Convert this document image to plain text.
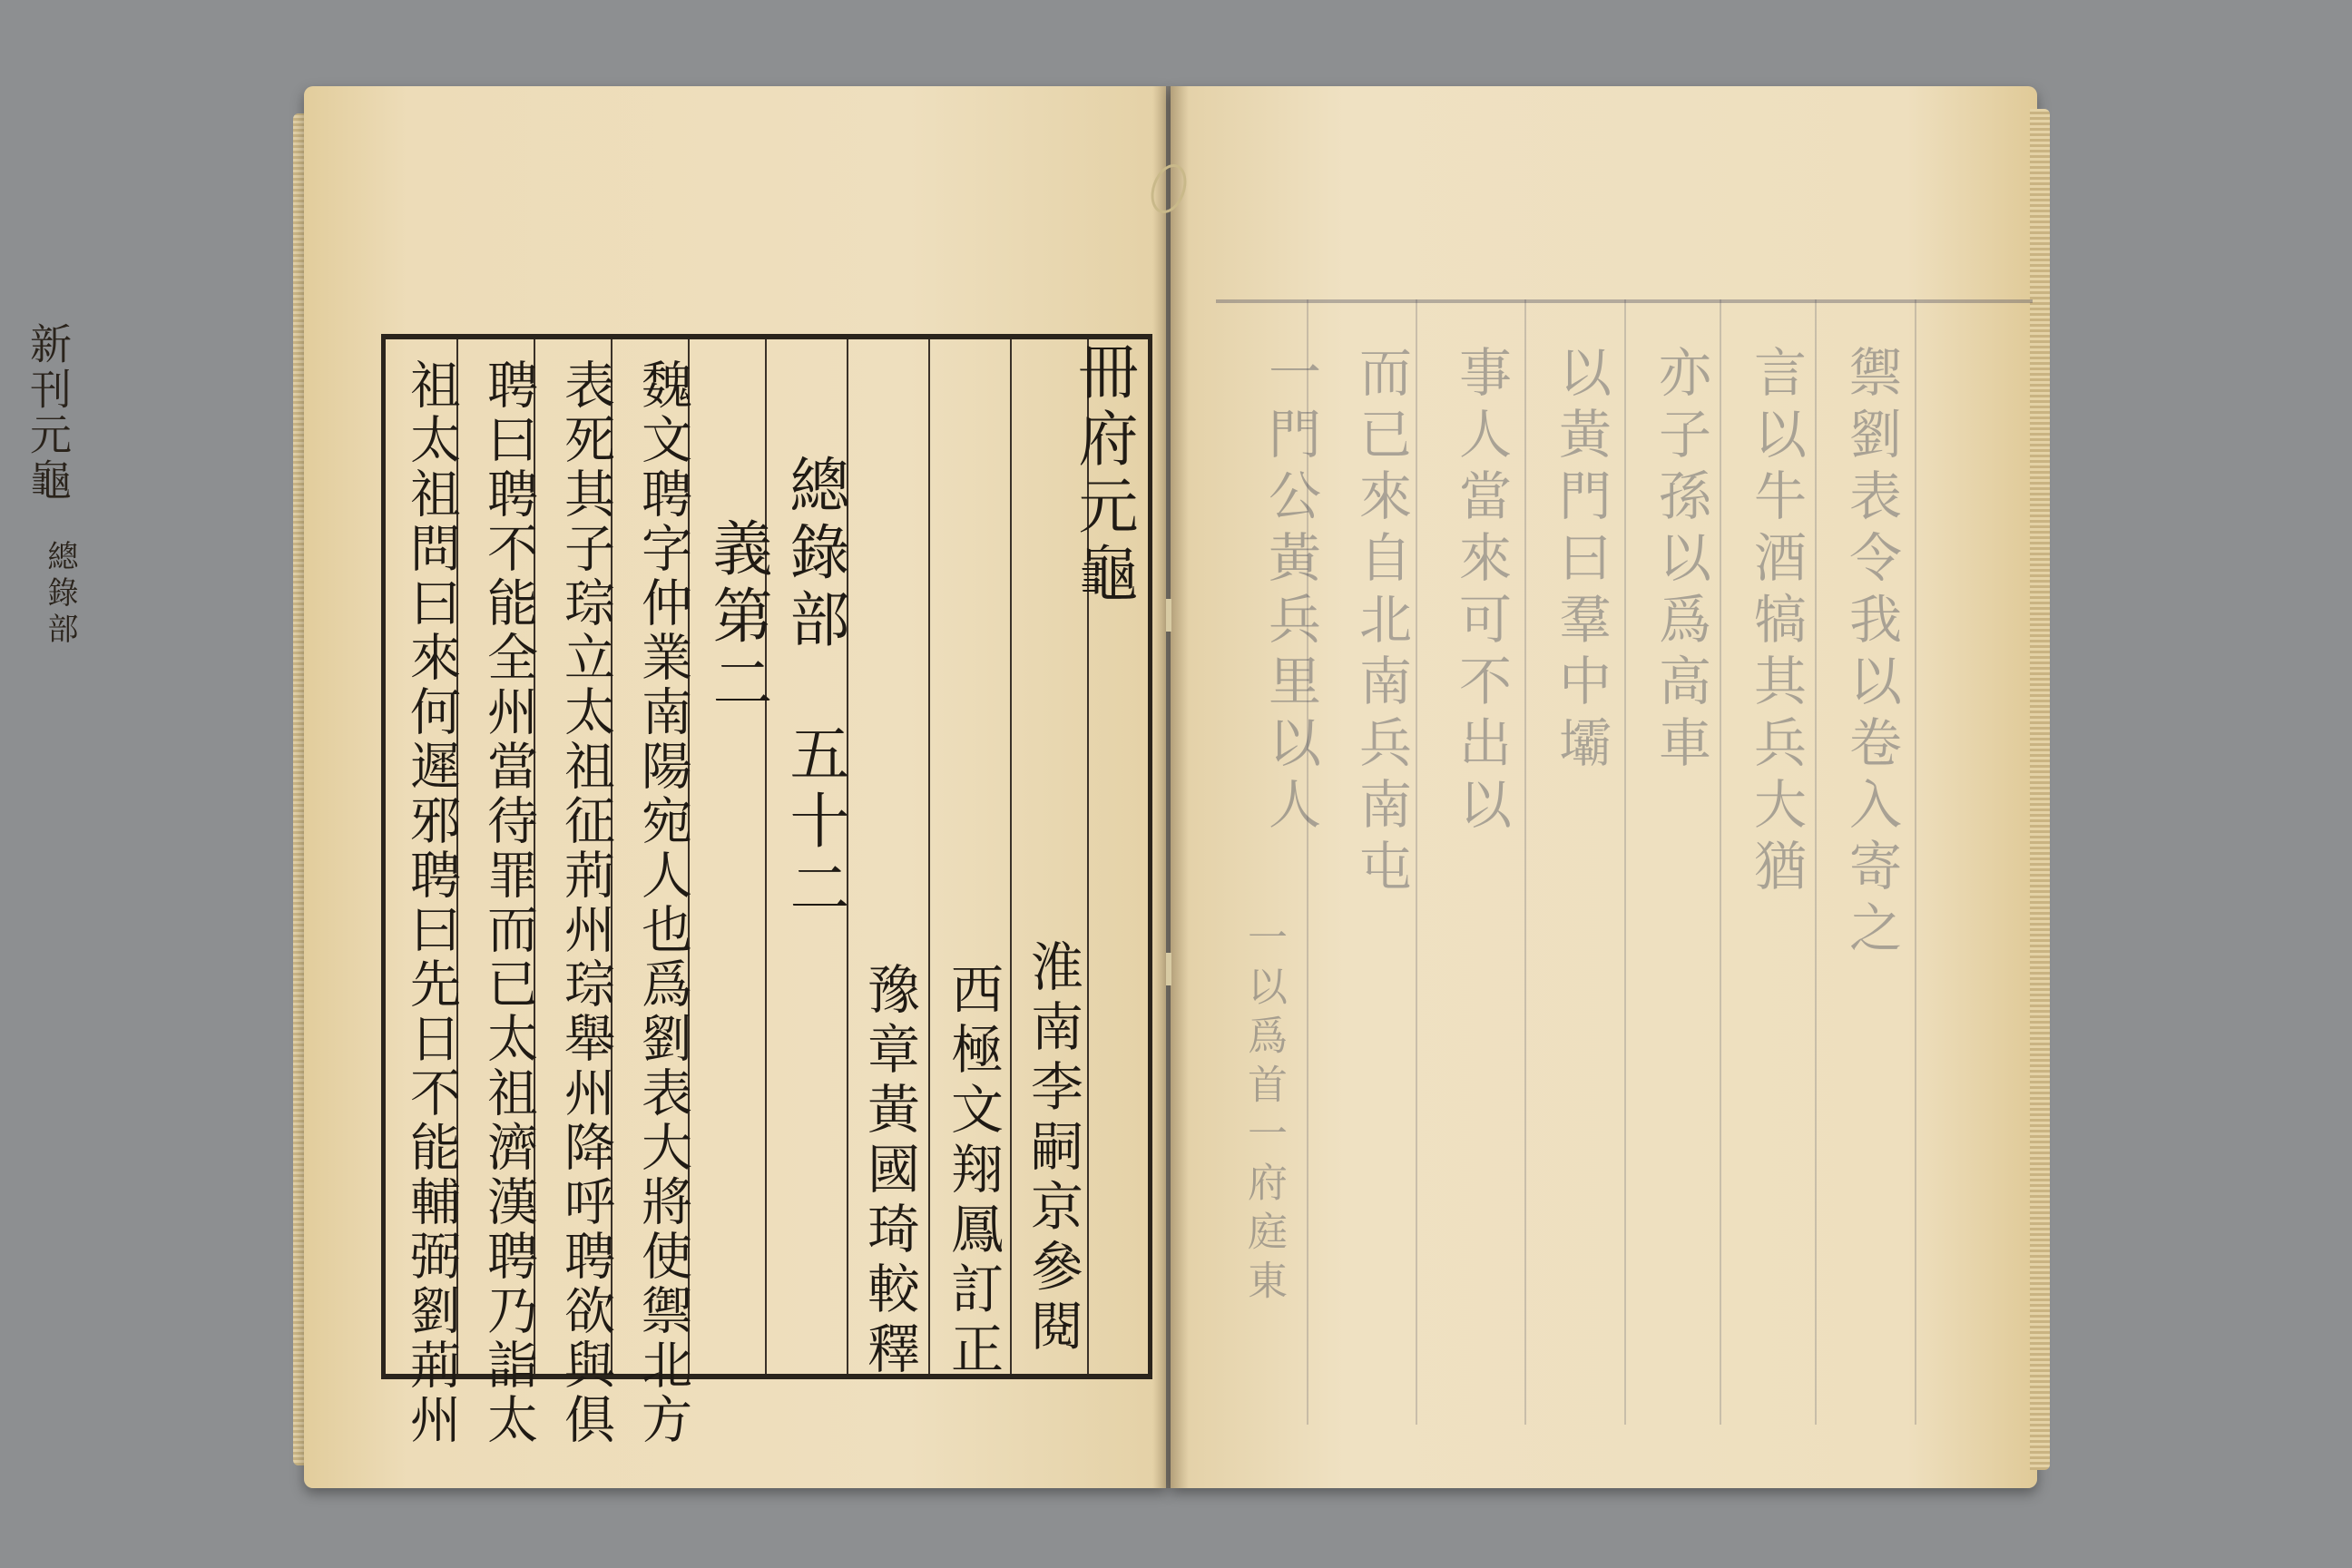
新刊元龜
總錄部	冊府元龜
淮南李嗣京參閱
西極文翔鳳訂正
豫章黃國琦較釋
總錄部　五十二
義第二
魏文聘字仲業南陽宛人也爲劉表大將使禦北方
表死其子琮立太祖征荊州琮舉州降呼聘欲與俱
聘曰聘不能全州當待罪而已太祖濟漢聘乃詣太
祖太祖問曰來何遲邪聘曰先日不能輔弼劉荊州	禦劉表令我以卷入寄之
言以牛酒犒其兵大猶
亦子孫以爲高車
以黃門曰羣中壩
事人當來可不出以
而已來自北南兵南屯
一門公黃兵里以人
一以爲首一府庭東
